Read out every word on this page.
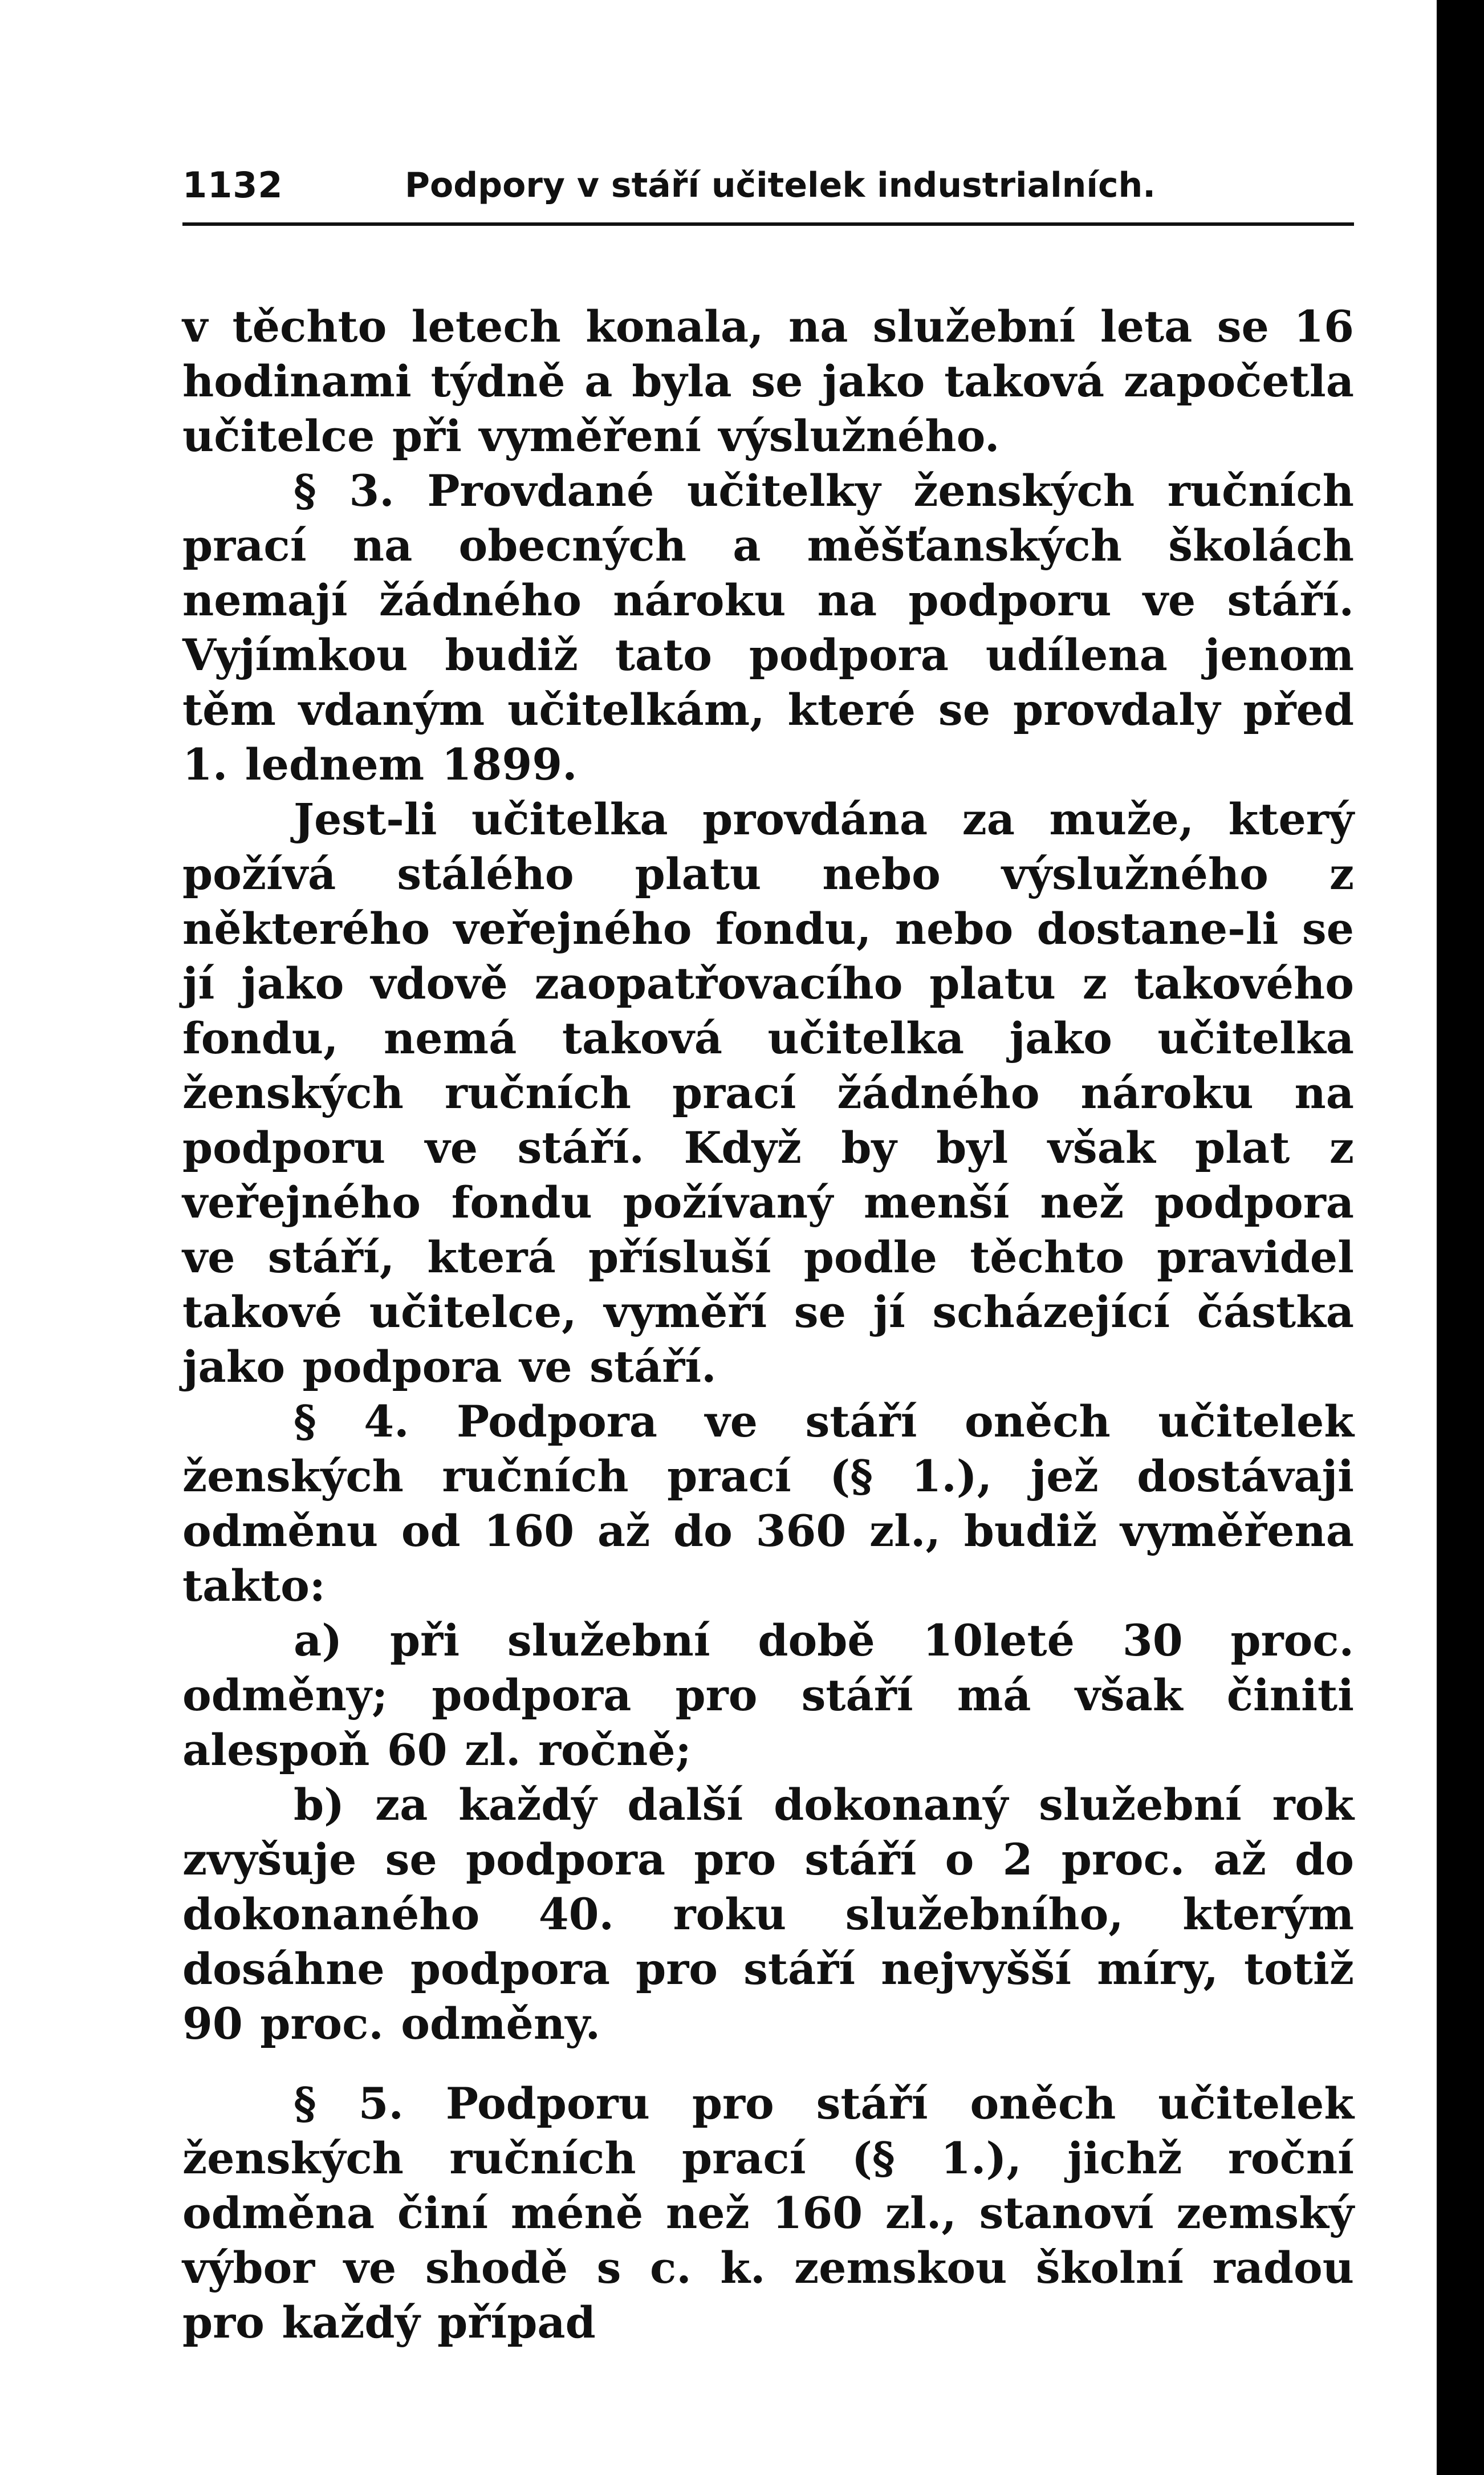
1132	Podpory v stáří učitelek industrialních.

v těchto letech konala, na služební leta se 16 hodinami týdně a byla se jako taková započetla učitelce při vyměření výslužného.

§ 3. Provdané učitelky ženských ručních prací na obecných a měšťanských školách nemají žádného nároku na podporu ve stáří. Vyjímkou budiž tato podpora udílena jenom těm vdaným učitelkám, které se provdaly před 1. lednem 1899.

Jest-li učitelka provdána za muže, který požívá stálého platu nebo výslužného z některého veřejného fondu, nebo dostane-li se jí jako vdově zaopatřovacího platu z takového fondu, nemá taková učitelka jako učitelka ženských ručních prací žádného nároku na podporu ve stáří. Když by byl však plat z veřejného fondu požívaný menší než podpora ve stáří, která přísluší podle těchto pravidel takové učitelce, vyměří se jí scházející částka jako podpora ve stáří.

§ 4. Podpora ve stáří oněch učitelek ženských ručních prací (§ 1.), jež dostávaji odměnu od 160 až do 360 zl., budiž vyměřena takto:

a) při služební době 10leté 30 proc. odměny; podpora pro stáří má však činiti alespoň 60 zl. ročně;

b) za každý další dokonaný služební rok zvyšuje se podpora pro stáří o 2 proc. až do dokonaného 40. roku služebního, kterým dosáhne podpora pro stáří nejvyšší míry, totiž 90 proc. odměny.

§ 5. Podporu pro stáří oněch učitelek ženských ručních prací (§ 1.), jichž roční odměna činí méně než 160 zl., stanoví zemský výbor ve shodě s c. k. zemskou školní radou pro každý případ
